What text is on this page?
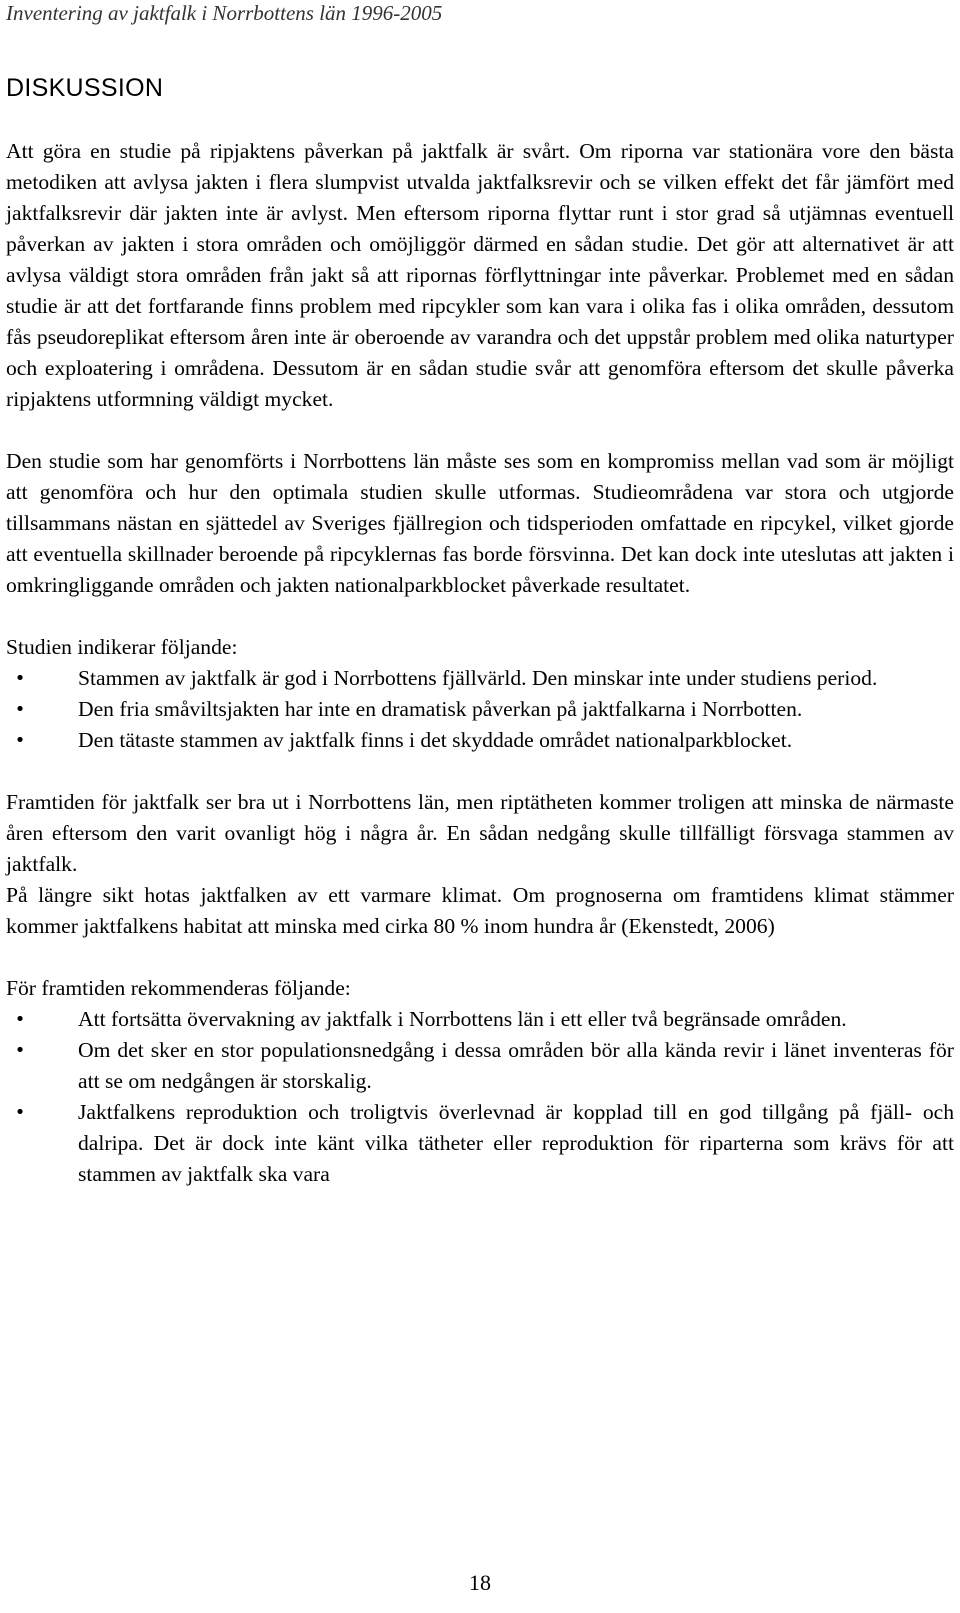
Inventering av jaktfalk i Norrbottens län 1996-2005
DISKUSSION

Att göra en studie på ripjaktens påverkan på jaktfalk är svårt. Om riporna var stationära vore den bästa metodiken att avlysa jakten i flera slumpvist utvalda jaktfalksrevir och se vilken effekt det får jämfört med jaktfalksrevir där jakten inte är avlyst. Men eftersom riporna flyttar runt i stor grad så utjämnas eventuell påverkan av jakten i stora områden och omöjliggör därmed en sådan studie. Det gör att alternativet är att avlysa väldigt stora områden från jakt så att ripornas förflyttningar inte påverkar. Problemet med en sådan studie är att det fortfarande finns problem med ripcykler som kan vara i olika fas i olika områden, dessutom fås pseudoreplikat eftersom åren inte är oberoende av varandra och det uppstår problem med olika naturtyper och exploatering i områdena. Dessutom är en sådan studie svår att genomföra eftersom det skulle påverka ripjaktens utformning väldigt mycket.

Den studie som har genomförts i Norrbottens län måste ses som en kompromiss mellan vad som är möjligt att genomföra och hur den optimala studien skulle utformas. Studieområdena var stora och utgjorde tillsammans nästan en sjättedel av Sveriges fjällregion och tidsperioden omfattade en ripcykel, vilket gjorde att eventuella skillnader beroende på ripcyklernas fas borde försvinna. Det kan dock inte uteslutas att jakten i omkringliggande områden och jakten nationalparkblocket påverkade resultatet.

Studien indikerar följande:

• Stammen av jaktfalk är god i Norrbottens fjällvärld. Den minskar inte under studiens period.
• Den fria småviltsjakten har inte en dramatisk påverkan på jaktfalkarna i Norrbotten.
• Den tätaste stammen av jaktfalk finns i det skyddade området nationalparkblocket.

Framtiden för jaktfalk ser bra ut i Norrbottens län, men riptätheten kommer troligen att minska de närmaste åren eftersom den varit ovanligt hög i några år. En sådan nedgång skulle tillfälligt försvaga stammen av jaktfalk.

På längre sikt hotas jaktfalken av ett varmare klimat. Om prognoserna om framtidens klimat stämmer kommer jaktfalkens habitat att minska med cirka 80 % inom hundra år (Ekenstedt, 2006)

För framtiden rekommenderas följande:

• Att fortsätta övervakning av jaktfalk i Norrbottens län i ett eller två begränsade områden.
• Om det sker en stor populationsnedgång i dessa områden bör alla kända revir i länet inventeras för att se om nedgången är storskalig.
• Jaktfalkens reproduktion och troligtvis överlevnad är kopplad till en god tillgång på fjäll- och dalripa. Det är dock inte känt vilka tätheter eller reproduktion för riparterna som krävs för att stammen av jaktfalk ska vara
18
